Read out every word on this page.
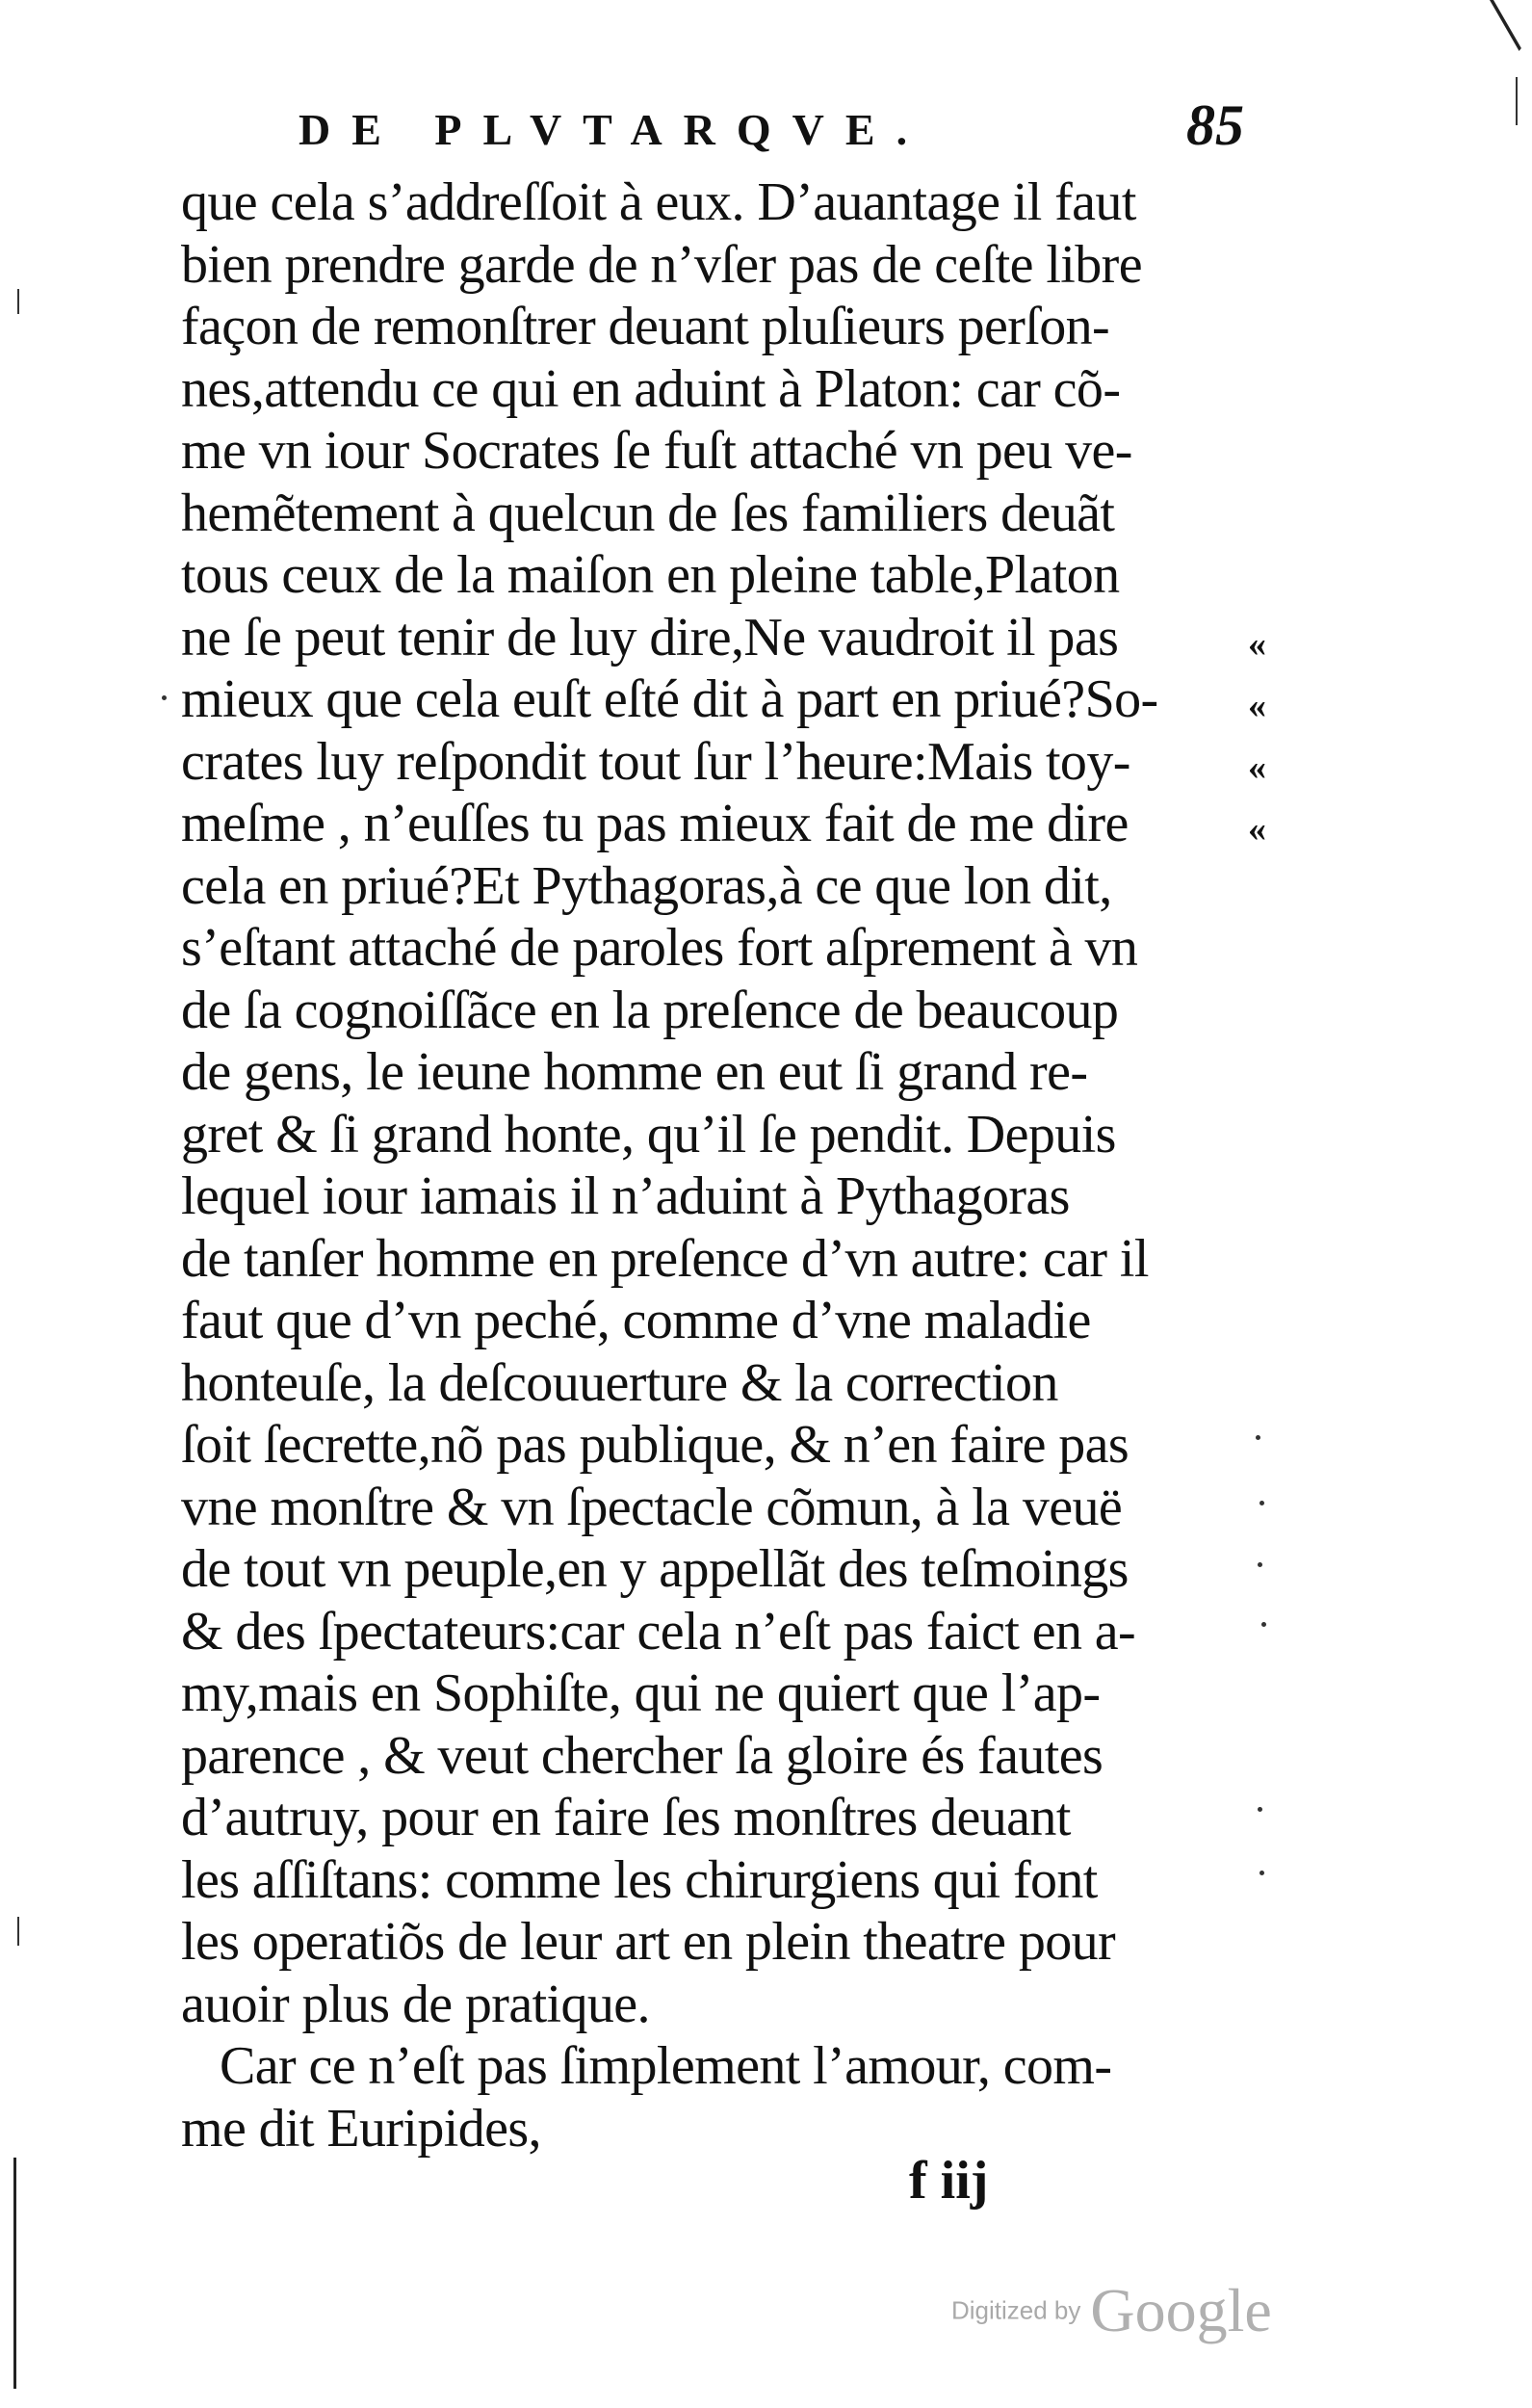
DE PLVTARQVE.	85
que cela s’addreſſoit à eux. D’auantage il faut
bien prendre garde de n’vſer pas de ceſte libre
façon de remonſtrer deuant pluſieurs perſon-
nes,attendu ce qui en aduint à Platon: car cõ-
me vn iour Socrates ſe fuſt attaché vn peu ve-
hemẽtement à quelcun de ſes familiers deuãt
tous ceux de la maiſon en pleine table,Platon
ne ſe peut tenir de luy dire,Ne vaudroit il pas
mieux que cela euſt eſté dit à part en priué?So-
crates luy reſpondit tout ſur l’heure:Mais toy-
meſme , n’euſſes tu pas mieux fait de me dire
cela en priué?Et Pythagoras,à ce que lon dit,
s’eſtant attaché de paroles fort aſprement à vn
de ſa cognoiſſãce en la preſence de beaucoup
de gens, le ieune homme en eut ſi grand re-
gret & ſi grand honte, qu’il ſe pendit. Depuis
lequel iour iamais il n’aduint à Pythagoras
de tanſer homme en preſence d’vn autre: car il
faut que d’vn peché, comme d’vne maladie
honteuſe, la deſcouuerture & la correction
ſoit ſecrette,nõ pas publique, & n’en faire pas
vne monſtre & vn ſpectacle cõmun, à la veuë
de tout vn peuple,en y appellãt des teſmoings
& des ſpectateurs:car cela n’eſt pas faict en a-
my,mais en Sophiſte, qui ne quiert que l’ap-
parence , & veut chercher ſa gloire és fautes
d’autruy, pour en faire ſes monſtres deuant
les aſſiſtans: comme les chirurgiens qui font
les operatiõs de leur art en plein theatre pour
auoir plus de pratique.
Car ce n’eſt pas ſimplement l’amour, com-
me dit Euripides,
«
«
«
«
f iij
Digitized by Google
